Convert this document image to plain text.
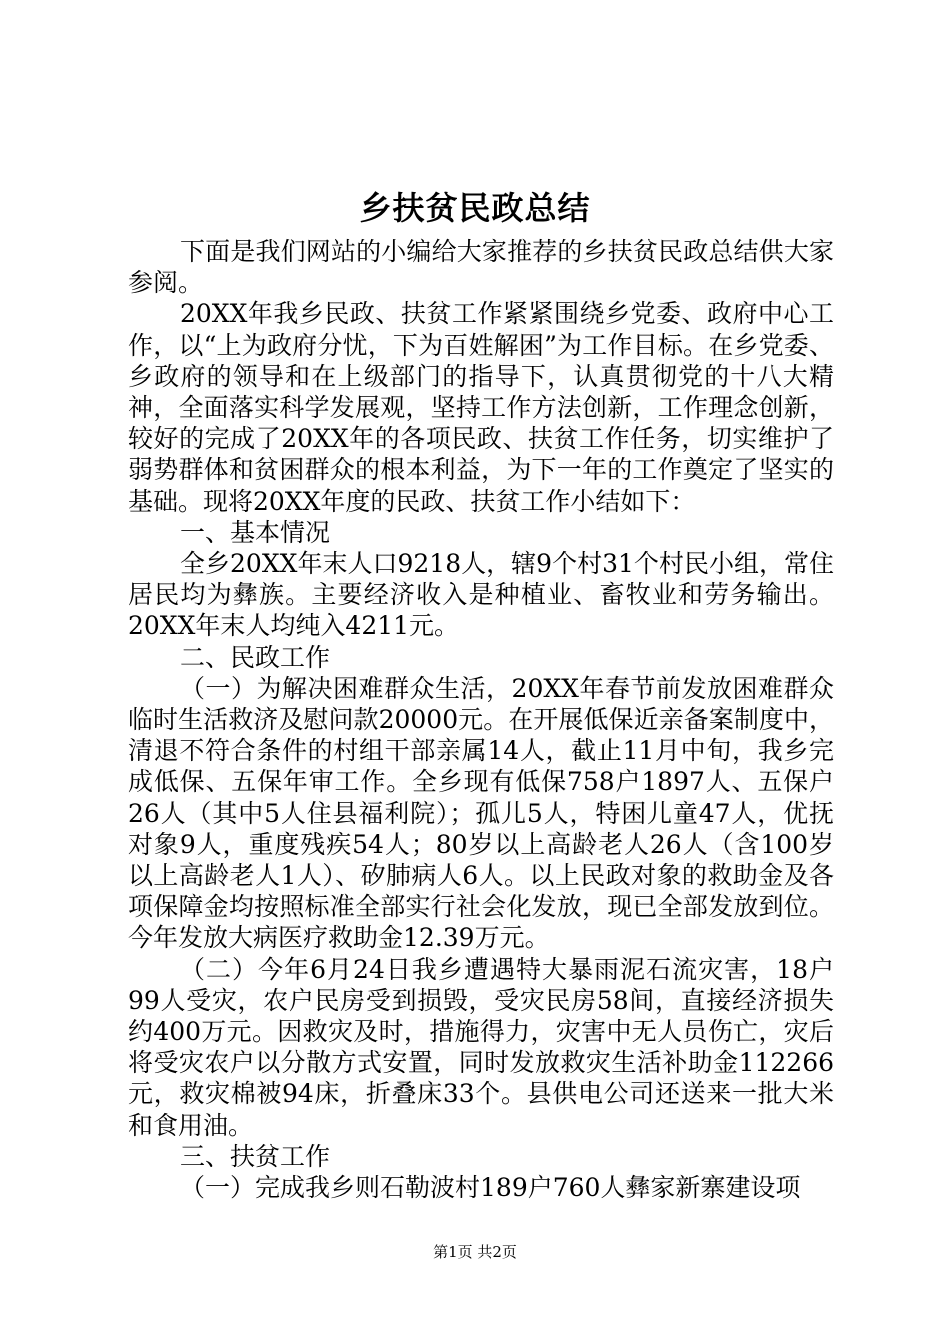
乡扶贫民政总结

下面是我们网站的小编给大家推荐的乡扶贫民政总结供大家参阅。

20XX年我乡民政、扶贫工作紧紧围绕乡党委、政府中心工作，以“上为政府分忧，下为百姓解困”为工作目标。在乡党委、乡政府的领导和在上级部门的指导下，认真贯彻党的十八大精神，全面落实科学发展观，坚持工作方法创新，工作理念创新，较好的完成了20XX年的各项民政、扶贫工作任务，切实维护了弱势群体和贫困群众的根本利益，为下一年的工作奠定了坚实的基础。现将20XX年度的民政、扶贫工作小结如下：

一、基本情况

全乡20XX年末人口9218人，辖9个村31个村民小组，常住居民均为彝族。主要经济收入是种植业、畜牧业和劳务输出。20XX年末人均纯入4211元。

二、民政工作

（一）为解决困难群众生活，20XX年春节前发放困难群众临时生活救济及慰问款20000元。在开展低保近亲备案制度中，清退不符合条件的村组干部亲属14人，截止11月中旬，我乡完成低保、五保年审工作。全乡现有低保758户1897人、五保户26人（其中5人住县福利院）；孤儿5人，特困儿童47人，优抚对象9人，重度残疾54人；80岁以上高龄老人26人（含100岁以上高龄老人1人）、矽肺病人6人。以上民政对象的救助金及各项保障金均按照标准全部实行社会化发放，现已全部发放到位。今年发放大病医疗救助金12.39万元。

（二）今年6月24日我乡遭遇特大暴雨泥石流灾害，18户99人受灾，农户民房受到损毁，受灾民房58间，直接经济损失约400万元。因救灾及时，措施得力，灾害中无人员伤亡，灾后将受灾农户以分散方式安置，同时发放救灾生活补助金112266元，救灾棉被94床，折叠床33个。县供电公司还送来一批大米和食用油。

三、扶贫工作

（一）完成我乡则石勒波村189户760人彝家新寨建设项

第1页 共2页
